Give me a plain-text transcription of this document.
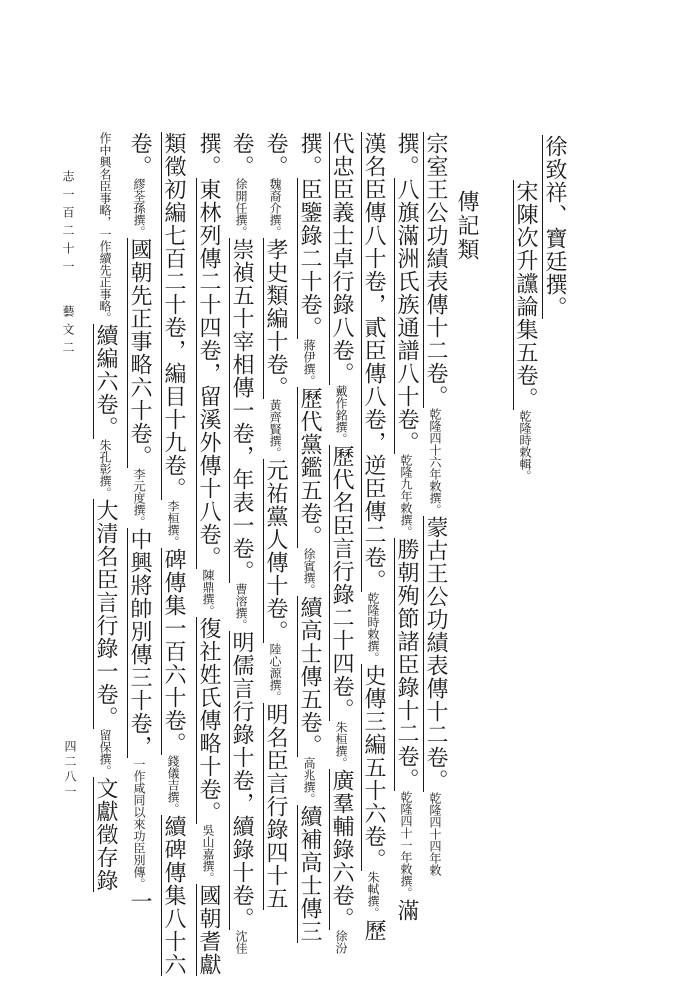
徐致祥、寶廷撰。
宋陳次升讜論集五卷。乾隆時敕輯。
傳記類
宗室王公功績表傳十二卷。乾隆四十六年敕撰。蒙古王公功績表傳十二卷。乾隆四十四年敕
撰。八旗滿洲氏族通譜八十卷。乾隆九年敕撰。勝朝殉節諸臣錄十二卷。乾隆四十一年敕撰。滿
漢名臣傳八十卷，貳臣傳八卷，逆臣傳二卷。乾隆時敕撰。史傳三編五十六卷。朱軾撰。歷
代忠臣義士卓行錄八卷。戴作銘撰。歷代名臣言行錄二十四卷。朱桓撰。廣羣輔錄六卷。徐汾
撰。臣鑒錄二十卷。蔣伊撰。歷代黨鑑五卷。徐賓撰。續高士傳五卷。高兆撰。續補高士傳三
卷。魏裔介撰。孝史類編十卷。黃齊賢撰。元祐黨人傳十卷。陸心源撰。明名臣言行錄四十五
卷。徐開任撰。崇禎五十宰相傳一卷，年表一卷。曹溶撰。明儒言行錄十卷，續錄十卷。沈佳
撰。東林列傳二十四卷，留溪外傳十八卷。陳鼎撰。復社姓氏傳略十卷。吳山嘉撰。國朝耆獻
類徵初編七百二十卷，編目十九卷。李桓撰。碑傳集一百六十卷。錢儀吉撰。續碑傳集八十六
卷。繆荃孫撰。國朝先正事略六十卷。李元度撰。中興將帥別傳三十卷，一作咸同以來功臣別傳。一
作中興名臣事略，一作續先正事略。續編六卷。朱孔彰撰。大清名臣言行錄一卷。留保撰。文獻徵存錄
志一百二十一
藝文二
四二八一
